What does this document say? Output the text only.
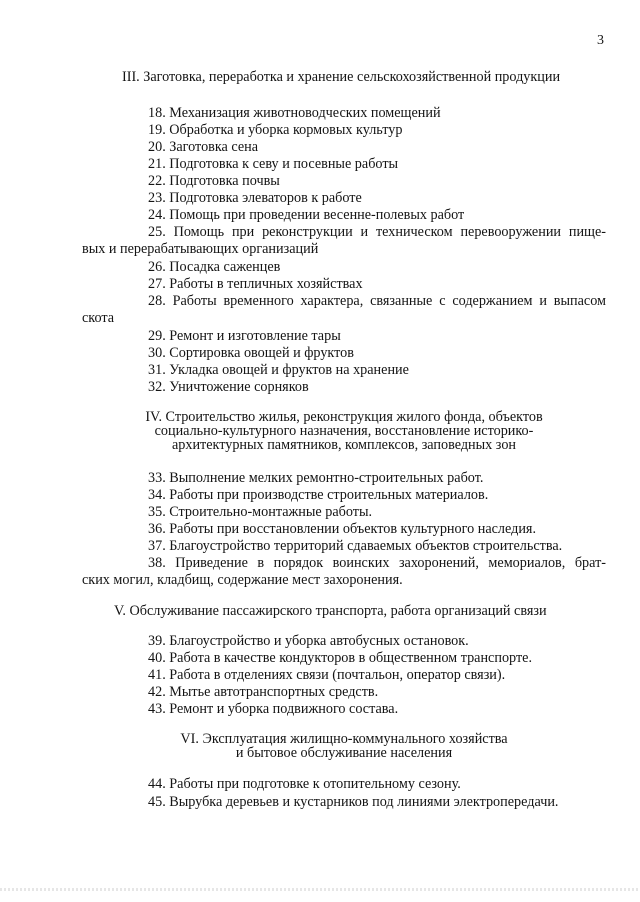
3

III. Заготовка, переработка и хранение сельскохозяйственной продукции

18. Механизация животноводческих помещений

19. Обработка и уборка кормовых культур

20. Заготовка сена

21. Подготовка к севу и посевные работы

22. Подготовка почвы

23. Подготовка элеваторов к работе

24. Помощь при проведении весенне-полевых работ

25. Помощь при реконструкции и техническом перевооружении пище-

вых и перерабатывающих организаций

26. Посадка саженцев

27. Работы в тепличных хозяйствах

28. Работы временного характера, связанные с содержанием и выпасом

скота

29. Ремонт и изготовление тары

30. Сортировка овощей и фруктов

31. Укладка овощей и фруктов на хранение

32. Уничтожение сорняков

IV. Строительство жилья, реконструкция жилого фонда, объектов

социально-культурного назначения, восстановление историко-

архитектурных памятников, комплексов, заповедных зон

33. Выполнение мелких ремонтно-строительных работ.

34. Работы при производстве строительных материалов.

35. Строительно-монтажные работы.

36. Работы при восстановлении объектов культурного наследия.

37. Благоустройство территорий сдаваемых объектов строительства.

38. Приведение в порядок воинских захоронений, мемориалов, брат-

ских могил, кладбищ, содержание мест захоронения.

V. Обслуживание пассажирского транспорта, работа организаций связи

39. Благоустройство и уборка автобусных остановок.

40. Работа в качестве кондукторов в общественном транспорте.

41. Работа в отделениях связи (почтальон, оператор связи).

42. Мытье автотранспортных средств.

43. Ремонт и уборка подвижного состава.

VI. Эксплуатация жилищно-коммунального хозяйства

и бытовое обслуживание населения

44. Работы при подготовке к отопительному сезону.

45. Вырубка деревьев и кустарников под линиями электропередачи.
